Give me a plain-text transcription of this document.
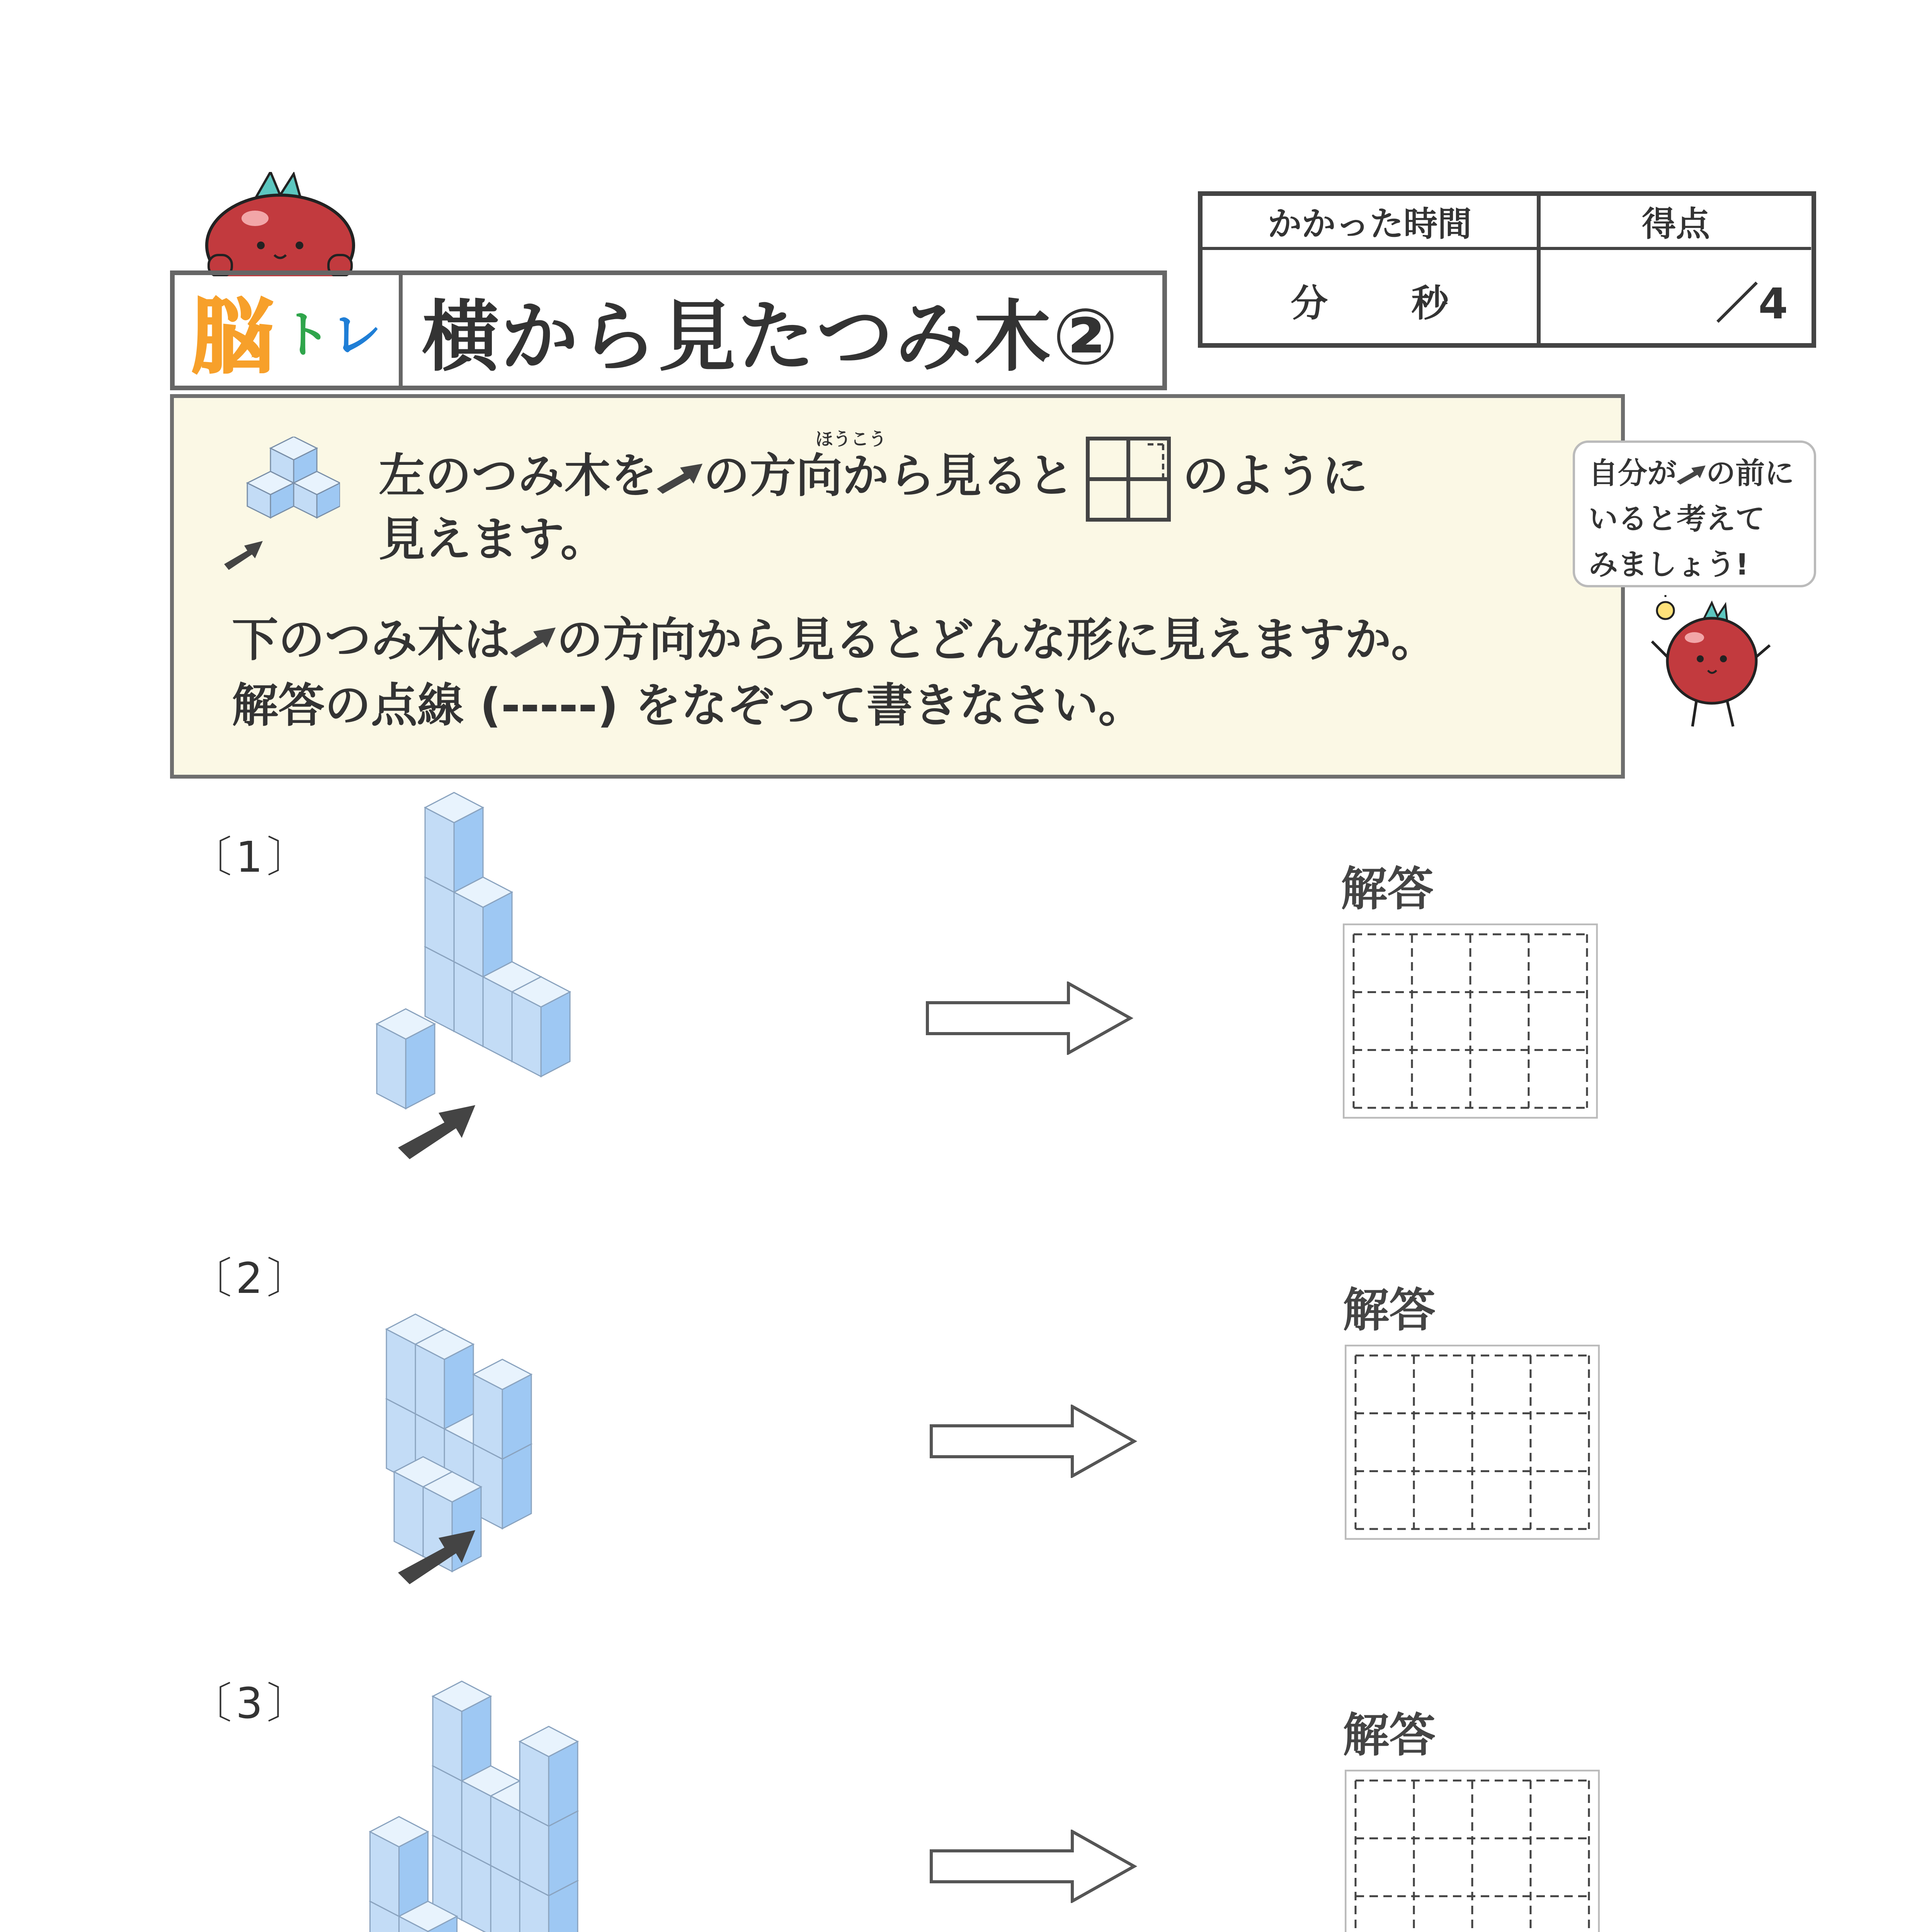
脳 トレ 横から見たつみ木②
かかった時間
分 秒
得点
／4
ほうこう
左のつみ木を の方向から見ると のように
見えます。
下のつみ木は の方向から見るとどんな形に見えますか。
解答の点線 (-----) をなぞって書きなさい。
自分が の前に
いると考えて
みましょう!
〔1〕
〔2〕
〔3〕
解答
解答
解答
